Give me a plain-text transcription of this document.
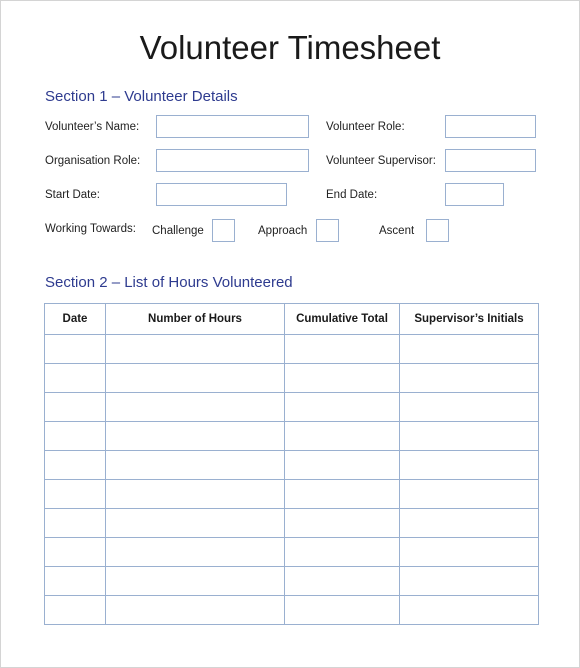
Volunteer Timesheet
Section 1 – Volunteer Details
Volunteer’s Name:	Volunteer Role:
Organisation Role:	Volunteer Supervisor:
Start Date:	End Date:
Working Towards: Challenge	Approach	Ascent
Section 2 – List of Hours Volunteered
Date	Number of Hours	Cumulative Total	Supervisor’s Initials
